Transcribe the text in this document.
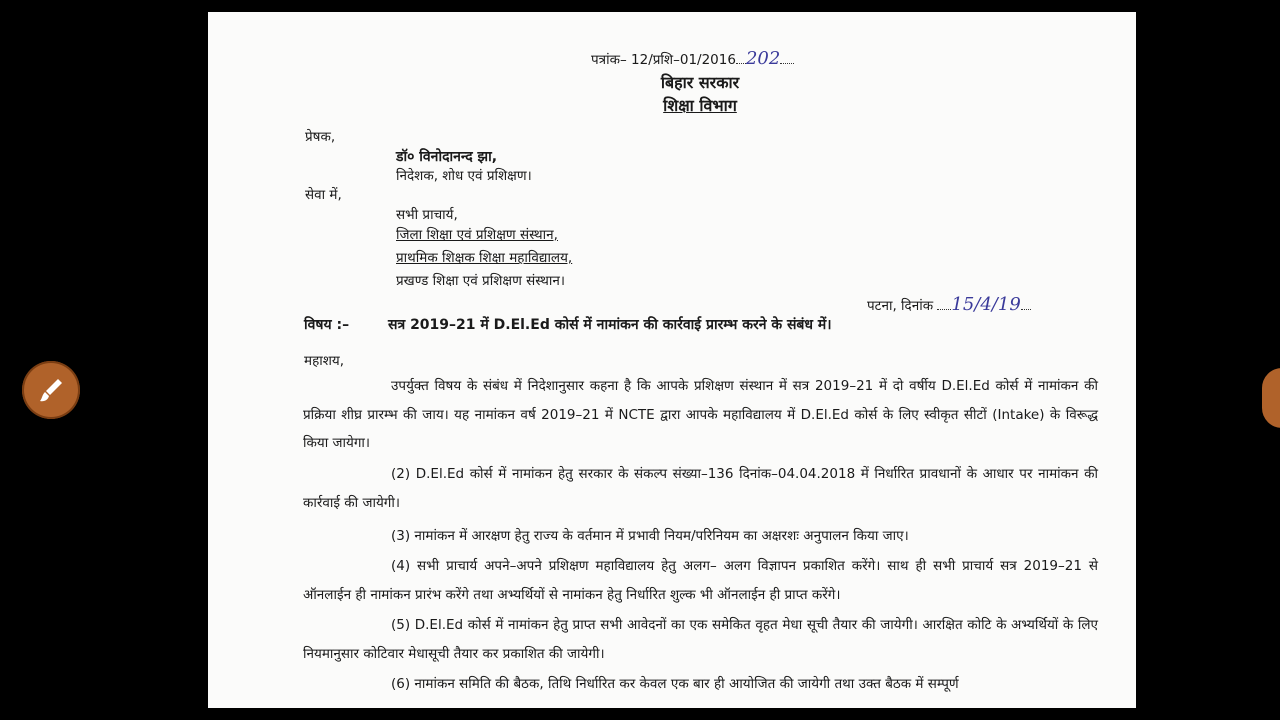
पत्रांक– 12/प्रशि–01/2016 202
बिहार सरकार
शिक्षा विभाग
प्रेषक,
डॉ० विनोदानन्द झा,
निदेशक, शोध एवं प्रशिक्षण।
सेवा में,
सभी प्राचार्य,
जिला शिक्षा एवं प्रशिक्षण संस्थान,
प्राथमिक शिक्षक शिक्षा महाविद्यालय,
प्रखण्ड शिक्षा एवं प्रशिक्षण संस्थान।
पटना, दिनांक 15/4/19
विषय :–	सत्र 2019–21 में D.El.Ed कोर्स में नामांकन की कार्रवाई प्रारम्भ करने के संबंध में।
महाशय,
उपर्युक्त विषय के संबंध में निदेशानुसार कहना है कि आपके प्रशिक्षण संस्थान में सत्र 2019–21 में दो वर्षीय D.El.Ed कोर्स में नामांकन की प्रक्रिया शीघ्र प्रारम्भ की जाय। यह नामांकन वर्ष 2019–21 में NCTE द्वारा आपके महाविद्यालय में D.El.Ed कोर्स के लिए स्वीकृत सीटों (Intake) के विरूद्ध किया जायेगा।
(2) D.El.Ed कोर्स में नामांकन हेतु सरकार के संकल्प संख्या–136 दिनांक–04.04.2018 में निर्धारित प्रावधानों के आधार पर नामांकन की कार्रवाई की जायेगी।
(3) नामांकन में आरक्षण हेतु राज्य के वर्तमान में प्रभावी नियम/परिनियम का अक्षरशः अनुपालन किया जाए।
(4) सभी प्राचार्य अपने–अपने प्रशिक्षण महाविद्यालय हेतु अलग– अलग विज्ञापन प्रकाशित करेंगे। साथ ही सभी प्राचार्य सत्र 2019–21 से ऑनलाईन ही नामांकन प्रारंभ करेंगे तथा अभ्यर्थियों से नामांकन हेतु निर्धारित शुल्क भी ऑनलाईन ही प्राप्त करेंगे।
(5) D.El.Ed कोर्स में नामांकन हेतु प्राप्त सभी आवेदनों का एक समेकित वृहत मेधा सूची तैयार की जायेगी। आरक्षित कोटि के अभ्यर्थियों के लिए नियमानुसार कोटिवार मेधासूची तैयार कर प्रकाशित की जायेगी।
(6) नामांकन समिति की बैठक, तिथि निर्धारित कर केवल एक बार ही आयोजित की जायेगी तथा उक्त बैठक में सम्पूर्ण
